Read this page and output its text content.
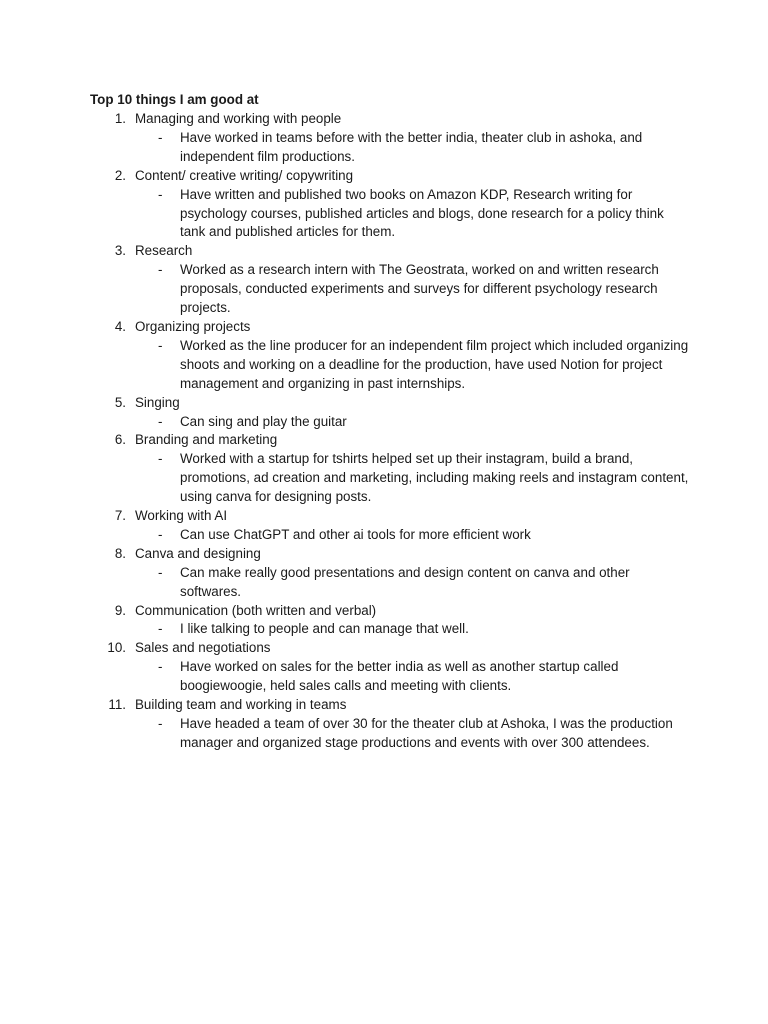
Top 10 things I am good at
1. Managing and working with people
-	Have worked in teams before with the better india, theater club in ashoka, and independent film productions.
2. Content/ creative writing/ copywriting
-	Have written and published two books on Amazon KDP, Research writing for psychology courses, published articles and blogs, done research for a policy think tank and published articles for them.
3. Research
-	Worked as a research intern with The Geostrata, worked on and written research proposals, conducted experiments and surveys for different psychology research projects.
4. Organizing projects
-	Worked as the line producer for an independent film project which included organizing shoots and working on a deadline for the production, have used Notion for project management and organizing in past internships.
5. Singing
-	Can sing and play the guitar
6. Branding and marketing
-	Worked with a startup for tshirts helped set up their instagram, build a brand, promotions, ad creation and marketing, including making reels and instagram content, using canva for designing posts.
7. Working with AI
-	Can use ChatGPT and other ai tools for more efficient work
8. Canva and designing
-	Can make really good presentations and design content on canva and other softwares.
9. Communication (both written and verbal)
-	I like talking to people and can manage that well.
10. Sales and negotiations
-	Have worked on sales for the better india as well as another startup called boogiewoogie, held sales calls and meeting with clients.
11. Building team and working in teams
-	Have headed a team of over 30 for the theater club at Ashoka, I was the production manager and organized stage productions and events with over 300 attendees.
